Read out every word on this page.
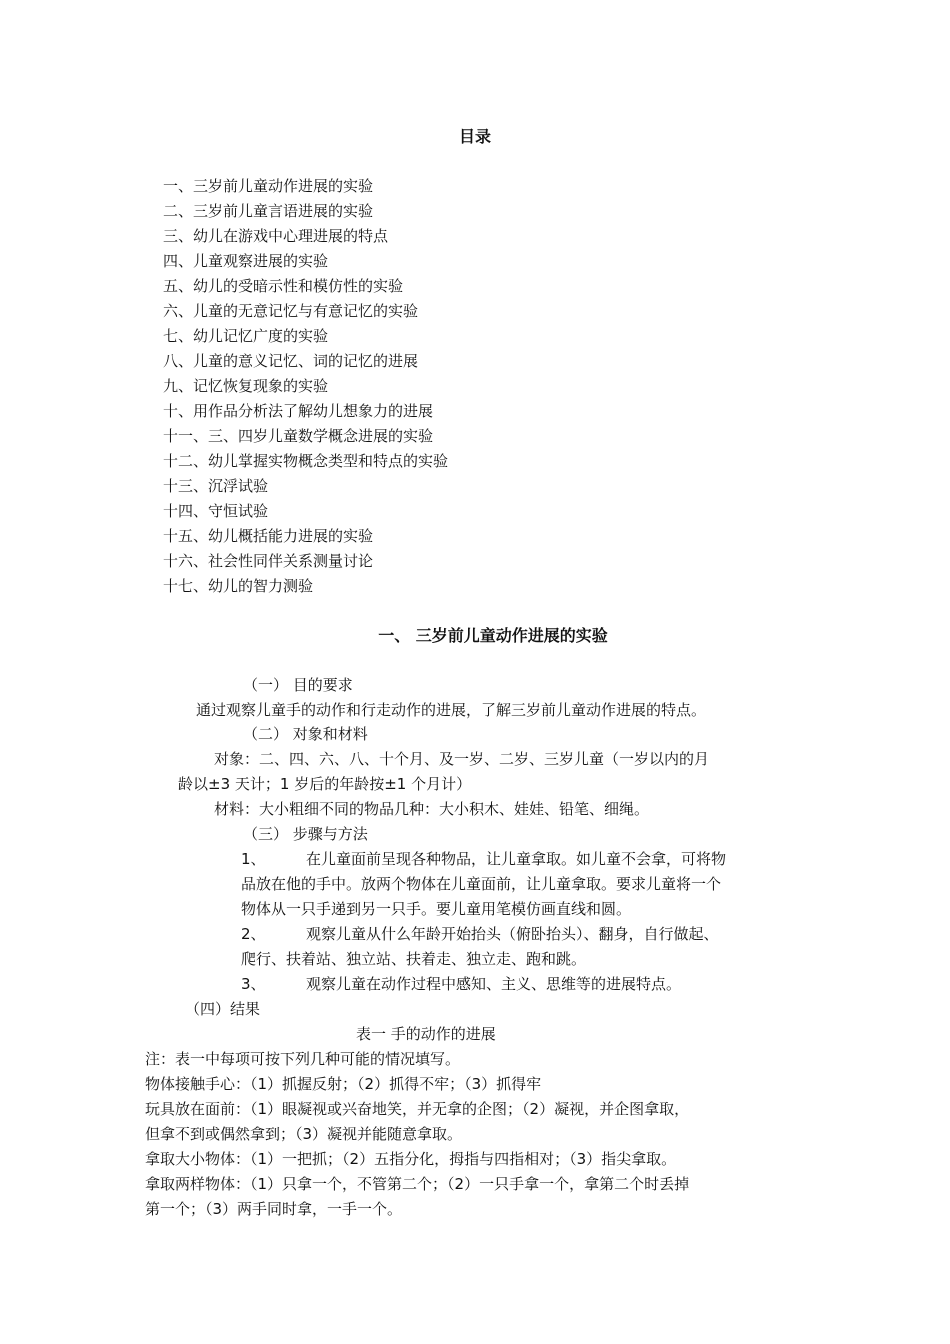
目录
一、三岁前儿童动作进展的实验
二、三岁前儿童言语进展的实验
三、幼儿在游戏中心理进展的特点
四、儿童观察进展的实验
五、幼儿的受暗示性和模仿性的实验
六、儿童的无意记忆与有意记忆的实验
七、幼儿记忆广度的实验
八、儿童的意义记忆、词的记忆的进展
九、记忆恢复现象的实验
十、用作品分析法了解幼儿想象力的进展
十一、三、四岁儿童数学概念进展的实验
十二、幼儿掌握实物概念类型和特点的实验
十三、沉浮试验
十四、守恒试验
十五、幼儿概括能力进展的实验
十六、社会性同伴关系测量讨论
十七、幼儿的智力测验
一、 三岁前儿童动作进展的实验
（一） 目的要求
通过观察儿童手的动作和行走动作的进展，了解三岁前儿童动作进展的特点。
（二） 对象和材料
对象：二、四、六、八、十个月、及一岁、二岁、三岁儿童（一岁以内的月
龄以±3 天计；1 岁后的年龄按±1 个月计）
材料：大小粗细不同的物品几种：大小积木、娃娃、铅笔、细绳。
（三） 步骤与方法
1、	在儿童面前呈现各种物品，让儿童拿取。如儿童不会拿，可将物
品放在他的手中。放两个物体在儿童面前，让儿童拿取。要求儿童将一个
物体从一只手递到另一只手。要儿童用笔模仿画直线和圆。
2、	观察儿童从什么年龄开始抬头（俯卧抬头）、翻身，自行做起、
爬行、扶着站、独立站、扶着走、独立走、跑和跳。
3、	观察儿童在动作过程中感知、主义、思维等的进展特点。
（四）结果
表一 手的动作的进展
注：表一中每项可按下列几种可能的情况填写。
物体接触手心：（1）抓握反射；（2）抓得不牢；（3）抓得牢
玩具放在面前：（1）眼凝视或兴奋地笑，并无拿的企图；（2）凝视，并企图拿取，
但拿不到或偶然拿到；（3）凝视并能随意拿取。
拿取大小物体：（1）一把抓；（2）五指分化，拇指与四指相对；（3）指尖拿取。
拿取两样物体：（1）只拿一个，不管第二个；（2）一只手拿一个，拿第二个时丢掉
第一个；（3）两手同时拿，一手一个。
